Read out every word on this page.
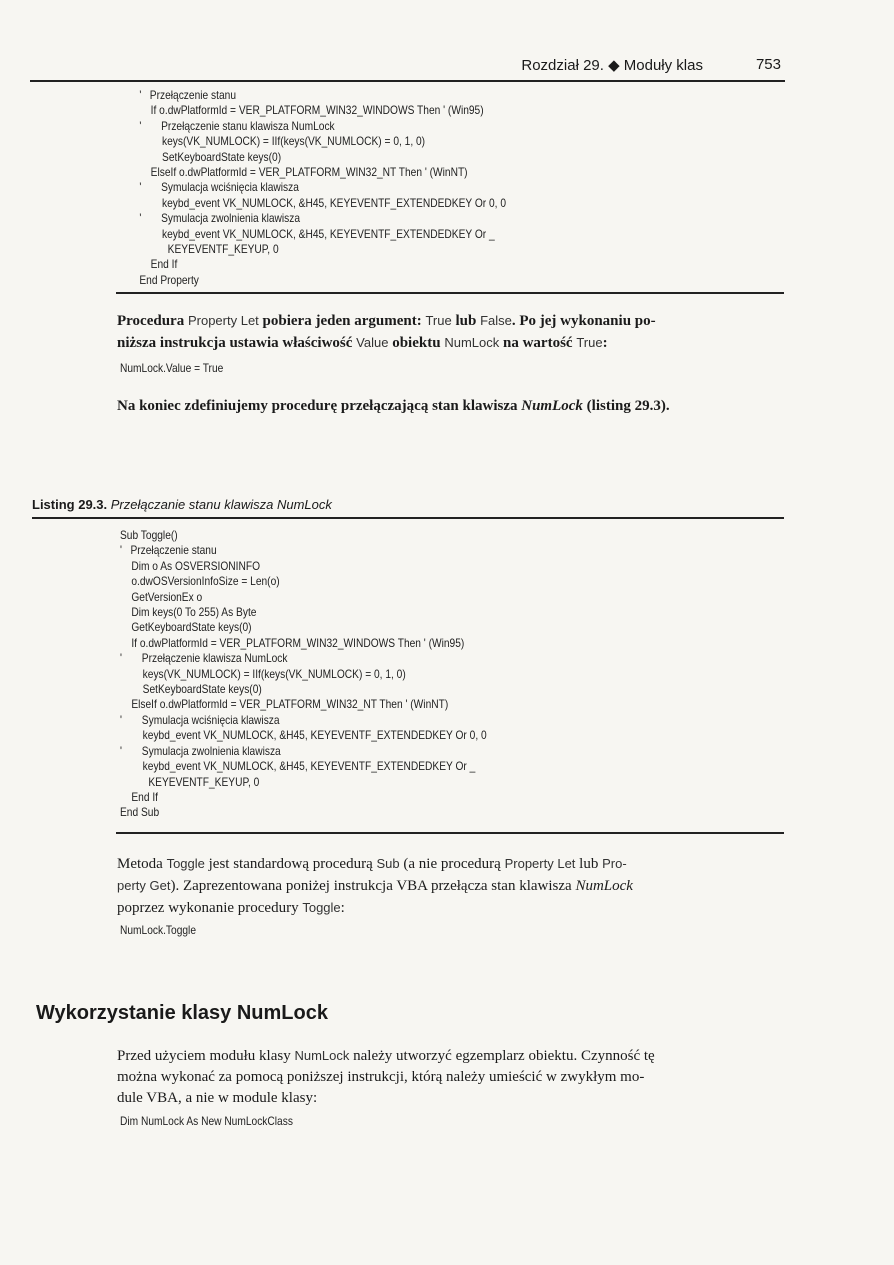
Rozdział 29. ◆ Moduły klas	753
'   Przełączenie stanu
If o.dwPlatformId = VER_PLATFORM_WIN32_WINDOWS Then ' (Win95)
'       Przełączenie stanu klawisza NumLock
keys(VK_NUMLOCK) = IIf(keys(VK_NUMLOCK) = 0, 1, 0)
SetKeyboardState keys(0)
ElseIf o.dwPlatformId = VER_PLATFORM_WIN32_NT Then ' (WinNT)
'       Symulacja wciśnięcia klawisza
keybd_event VK_NUMLOCK, &H45, KEYEVENTF_EXTENDEDKEY Or 0, 0
'       Symulacja zwolnienia klawisza
keybd_event VK_NUMLOCK, &H45, KEYEVENTF_EXTENDEDKEY Or _
KEYEVENTF_KEYUP, 0
End If
End Property
Procedura Property Let pobiera jeden argument: True lub False. Po jej wykonaniu po-
niższa instrukcja ustawia właściwość Value obiektu NumLock na wartość True:
NumLock.Value = True
Na koniec zdefiniujemy procedurę przełączającą stan klawisza NumLock (listing 29.3).
Listing 29.3. Przełączanie stanu klawisza NumLock
Sub Toggle()
'   Przełączenie stanu
Dim o As OSVERSIONINFO
o.dwOSVersionInfoSize = Len(o)
GetVersionEx o
Dim keys(0 To 255) As Byte
GetKeyboardState keys(0)
If o.dwPlatformId = VER_PLATFORM_WIN32_WINDOWS Then ' (Win95)
'       Przełączenie klawisza NumLock
keys(VK_NUMLOCK) = IIf(keys(VK_NUMLOCK) = 0, 1, 0)
SetKeyboardState keys(0)
ElseIf o.dwPlatformId = VER_PLATFORM_WIN32_NT Then ' (WinNT)
'       Symulacja wciśnięcia klawisza
keybd_event VK_NUMLOCK, &H45, KEYEVENTF_EXTENDEDKEY Or 0, 0
'       Symulacja zwolnienia klawisza
keybd_event VK_NUMLOCK, &H45, KEYEVENTF_EXTENDEDKEY Or _
KEYEVENTF_KEYUP, 0
End If
End Sub
Metoda Toggle jest standardową procedurą Sub (a nie procedurą Property Let lub Pro-
perty Get). Zaprezentowana poniżej instrukcja VBA przełącza stan klawisza NumLock
poprzez wykonanie procedury Toggle:
NumLock.Toggle
Wykorzystanie klasy NumLock
Przed użyciem modułu klasy NumLock należy utworzyć egzemplarz obiektu. Czynność tę
można wykonać za pomocą poniższej instrukcji, którą należy umieścić w zwykłym mo-
dule VBA, a nie w module klasy:
Dim NumLock As New NumLockClass
